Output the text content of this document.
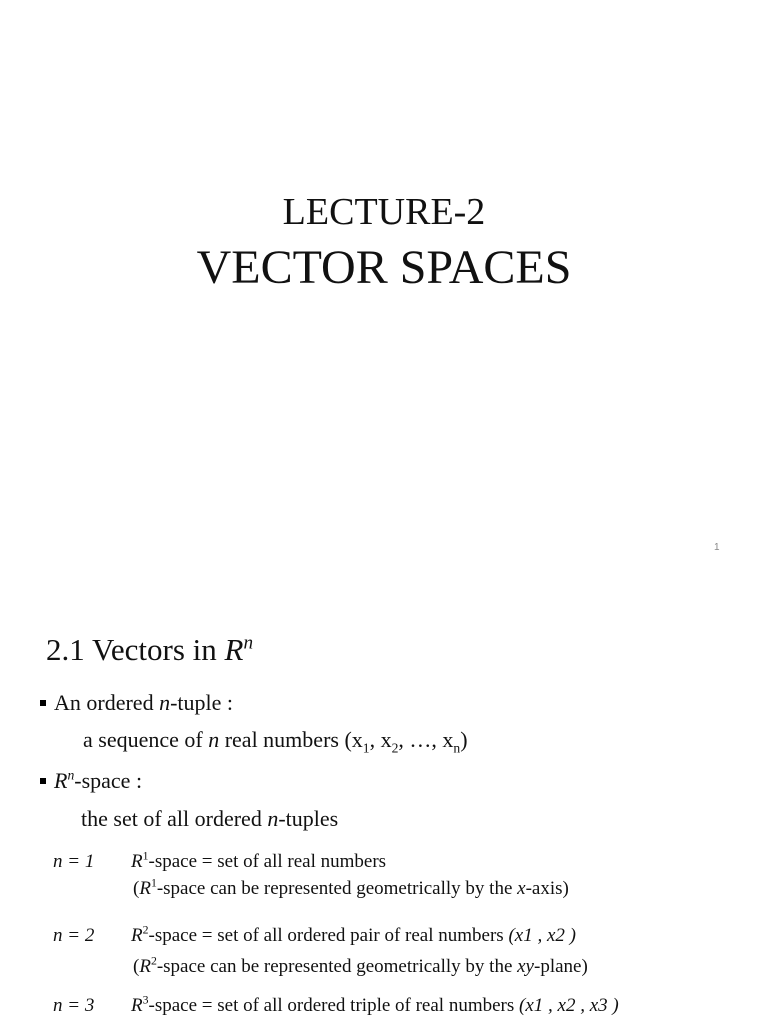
LECTURE-2
VECTOR SPACES
1
2.1 Vectors in $R^n$
An ordered n-tuple :
a sequence of n real numbers ($x_1$, $x_2$, …, $x_n$)
$R^n$-space :
the set of all ordered n-tuples
n = 1 $R^1$-space = set of all real numbers
($R^1$-space can be represented geometrically by the x-axis)
n = 2 $R^2$-space = set of all ordered pair of real numbers (x1 , x2 )
($R^2$-space can be represented geometrically by the xy-plane)
n = 3 $R^3$-space = set of all ordered triple of real numbers (x1 , x2 , x3 )
